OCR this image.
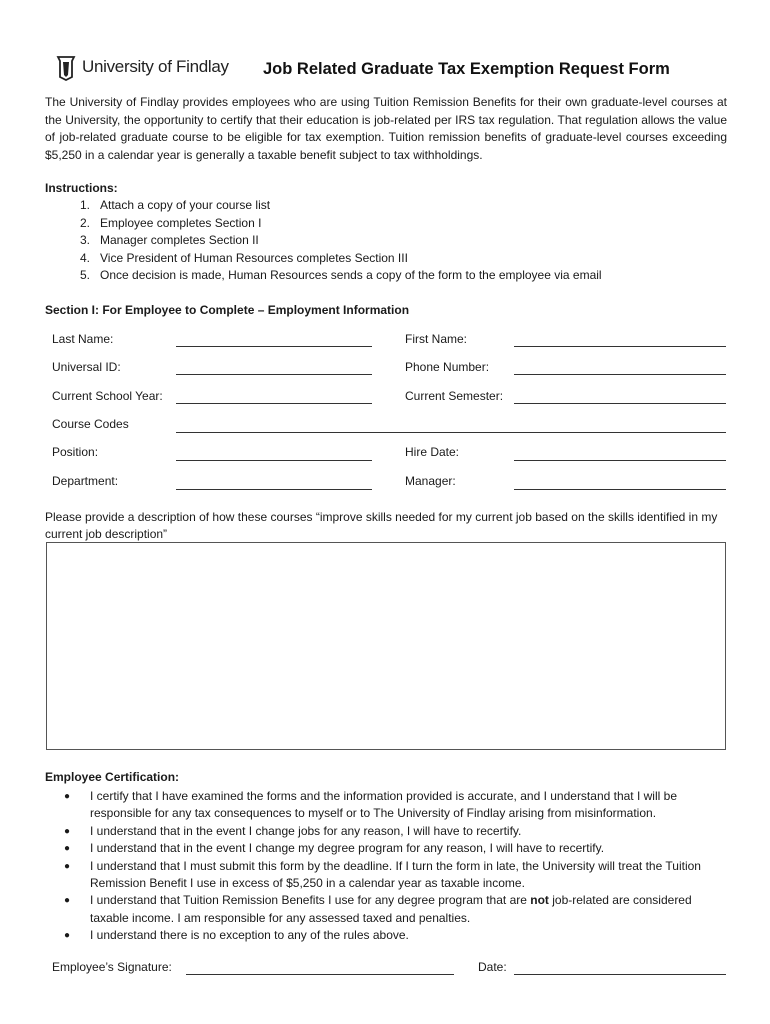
University of Findlay Job Related Graduate Tax Exemption Request Form
The University of Findlay provides employees who are using Tuition Remission Benefits for their own graduate-level courses at the University, the opportunity to certify that their education is job-related per IRS tax regulation. That regulation allows the value of job-related graduate course to be eligible for tax exemption. Tuition remission benefits of graduate-level courses exceeding $5,250 in a calendar year is generally a taxable benefit subject to tax withholdings.
Instructions:
1. Attach a copy of your course list
2. Employee completes Section I
3. Manager completes Section II
4. Vice President of Human Resources completes Section III
5. Once decision is made, Human Resources sends a copy of the form to the employee via email
Section I: For Employee to Complete – Employment Information
Last Name:	First Name:
Universal ID:	Phone Number:
Current School Year:	Current Semester:
Course Codes
Position:	Hire Date:
Department:	Manager:
Please provide a description of how these courses “improve skills needed for my current job based on the skills identified in my current job description”
Employee Certification:

● I certify that I have examined the forms and the information provided is accurate, and I understand that I will be responsible for any tax consequences to myself or to The University of Findlay arising from misinformation.

● I understand that in the event I change jobs for any reason, I will have to recertify.

● I understand that in the event I change my degree program for any reason, I will have to recertify.

● I understand that I must submit this form by the deadline. If I turn the form in late, the University will treat the Tuition Remission Benefit I use in excess of $5,250 in a calendar year as taxable income.

● I understand that Tuition Remission Benefits I use for any degree program that are not job-related are considered taxable income. I am responsible for any assessed taxed and penalties.

● I understand there is no exception to any of the rules above.

Employee’s Signature:	Date:
